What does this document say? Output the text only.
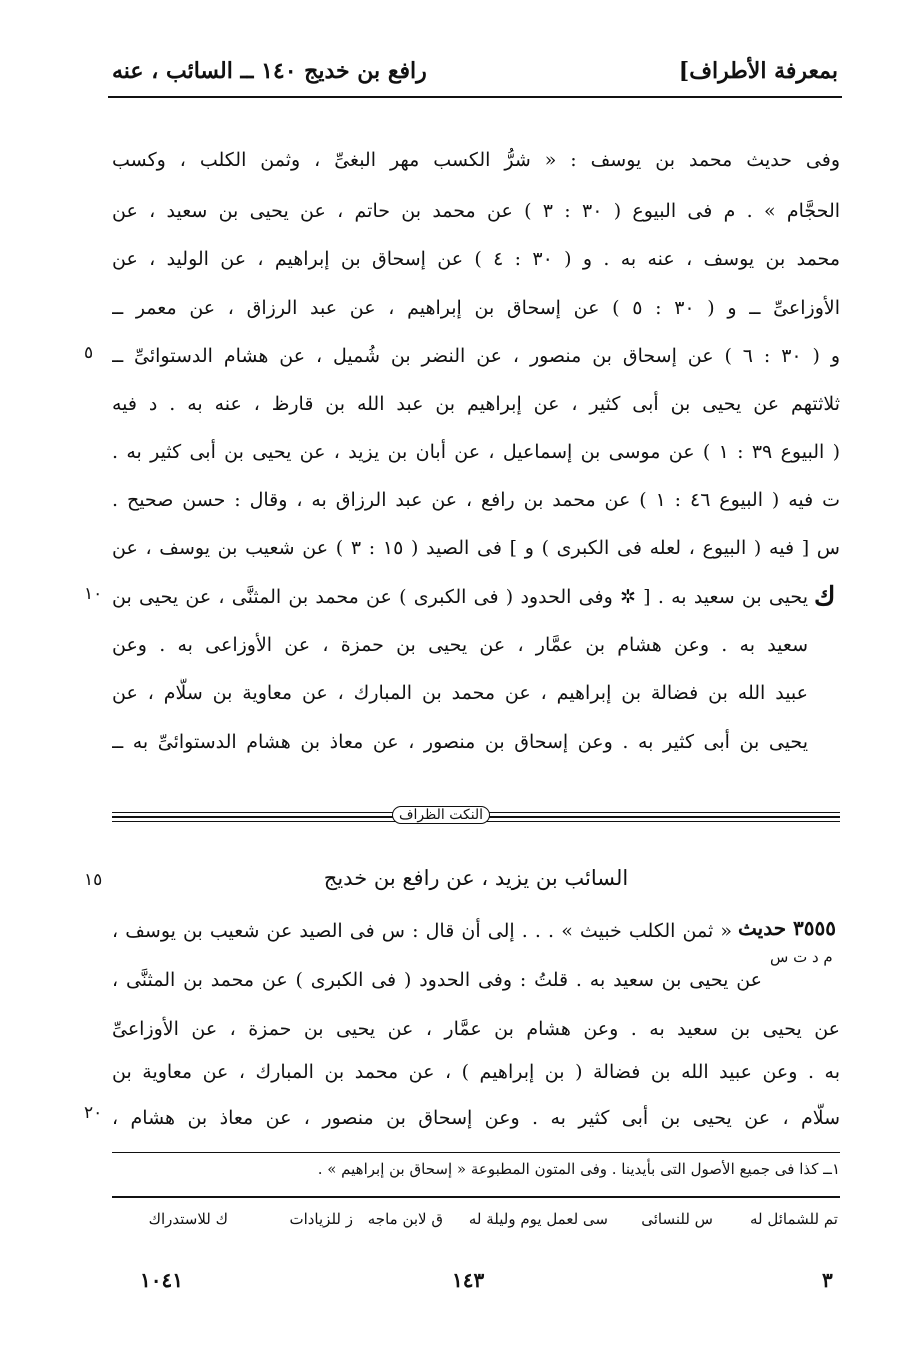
بمعرفة الأطراف]
رافع بن خديج ١٤٠ ــ السائب ، عنه
وفى حديث محمد بن يوسف : « شرُّ الكسب مهر البغىِّ ، وثمن الكلب ، وكسب
الحجَّام » . م فى البيوع ( ٣٠ : ٣ ) عن محمد بن حاتم ، عن يحيى بن سعيد ، عن
محمد بن يوسف ، عنه به . و ( ٣٠ : ٤ ) عن إسحاق بن إبراهيم ، عن الوليد ، عن
الأوزاعىِّ ــ و ( ٣٠ : ٥ ) عن إسحاق بن إبراهيم ، عن عبد الرزاق ، عن معمر ــ
و ( ٣٠ : ٦ ) عن إسحاق بن منصور ، عن النضر بن شُميل ، عن هشام الدستوائىِّ ــ
ثلاثتهم عن يحيى بن أبى كثير ، عن إبراهيم بن عبد الله بن قارظ ، عنه به . د فيه
( البيوع ٣٩ : ١ ) عن موسى بن إسماعيل ، عن أبان بن يزيد ، عن يحيى بن أبى كثير به .
ت فيه ( البيوع ٤٦ : ١ ) عن محمد بن رافع ، عن عبد الرزاق به ، وقال : حسن صحيح .
س [ فيه ( البيوع ، لعله فى الكبرى ) و ] فى الصيد ( ١٥ : ٣ ) عن شعيب بن يوسف ، عن
يحيى بن سعيد به . [ ✲ وفى الحدود ( فى الكبرى ) عن محمد بن المثنَّى ، عن يحيى بن
سعيد به . وعن هشام بن عمَّار ، عن يحيى بن حمزة ، عن الأوزاعى به . وعن
عبيد الله بن فضالة بن إبراهيم ، عن محمد بن المبارك ، عن معاوية بن سلَّام ، عن
يحيى بن أبى كثير به . وعن إسحاق بن منصور ، عن معاذ بن هشام الدستوائىِّ به ــ
ك
٥
١٠
١٥
٢٠
النكت الظراف
السائب بن يزيد ، عن رافع بن خديج
٣٥٥٥ حديث
م د ت س
« ثمن الكلب خبيث » . . . إلى أن قال : س فى الصيد عن شعيب بن يوسف ،
عن يحيى بن سعيد به . قلتُ : وفى الحدود ( فى الكبرى ) عن محمد بن المثنَّى ،
عن يحيى بن سعيد به . وعن هشام بن عمَّار ، عن يحيى بن حمزة ، عن الأوزاعىِّ
به . وعن عبيد الله بن فضالة ( بن إبراهيم ) ، عن محمد بن المبارك ، عن معاوية بن
سلَّام ، عن يحيى بن أبى كثير به . وعن إسحاق بن منصور ، عن معاذ بن هشام ،
١ــ كذا فى جميع الأصول التى بأيدينا . وفى المتون المطبوعة « إسحاق بن إبراهيم » .
تم للشمائل له
س للنسائى
سى لعمل يوم وليلة له
ق لابن ماجه
ز للزيادات
ك للاستدراك
٣
١٤٣
١٠٤١
